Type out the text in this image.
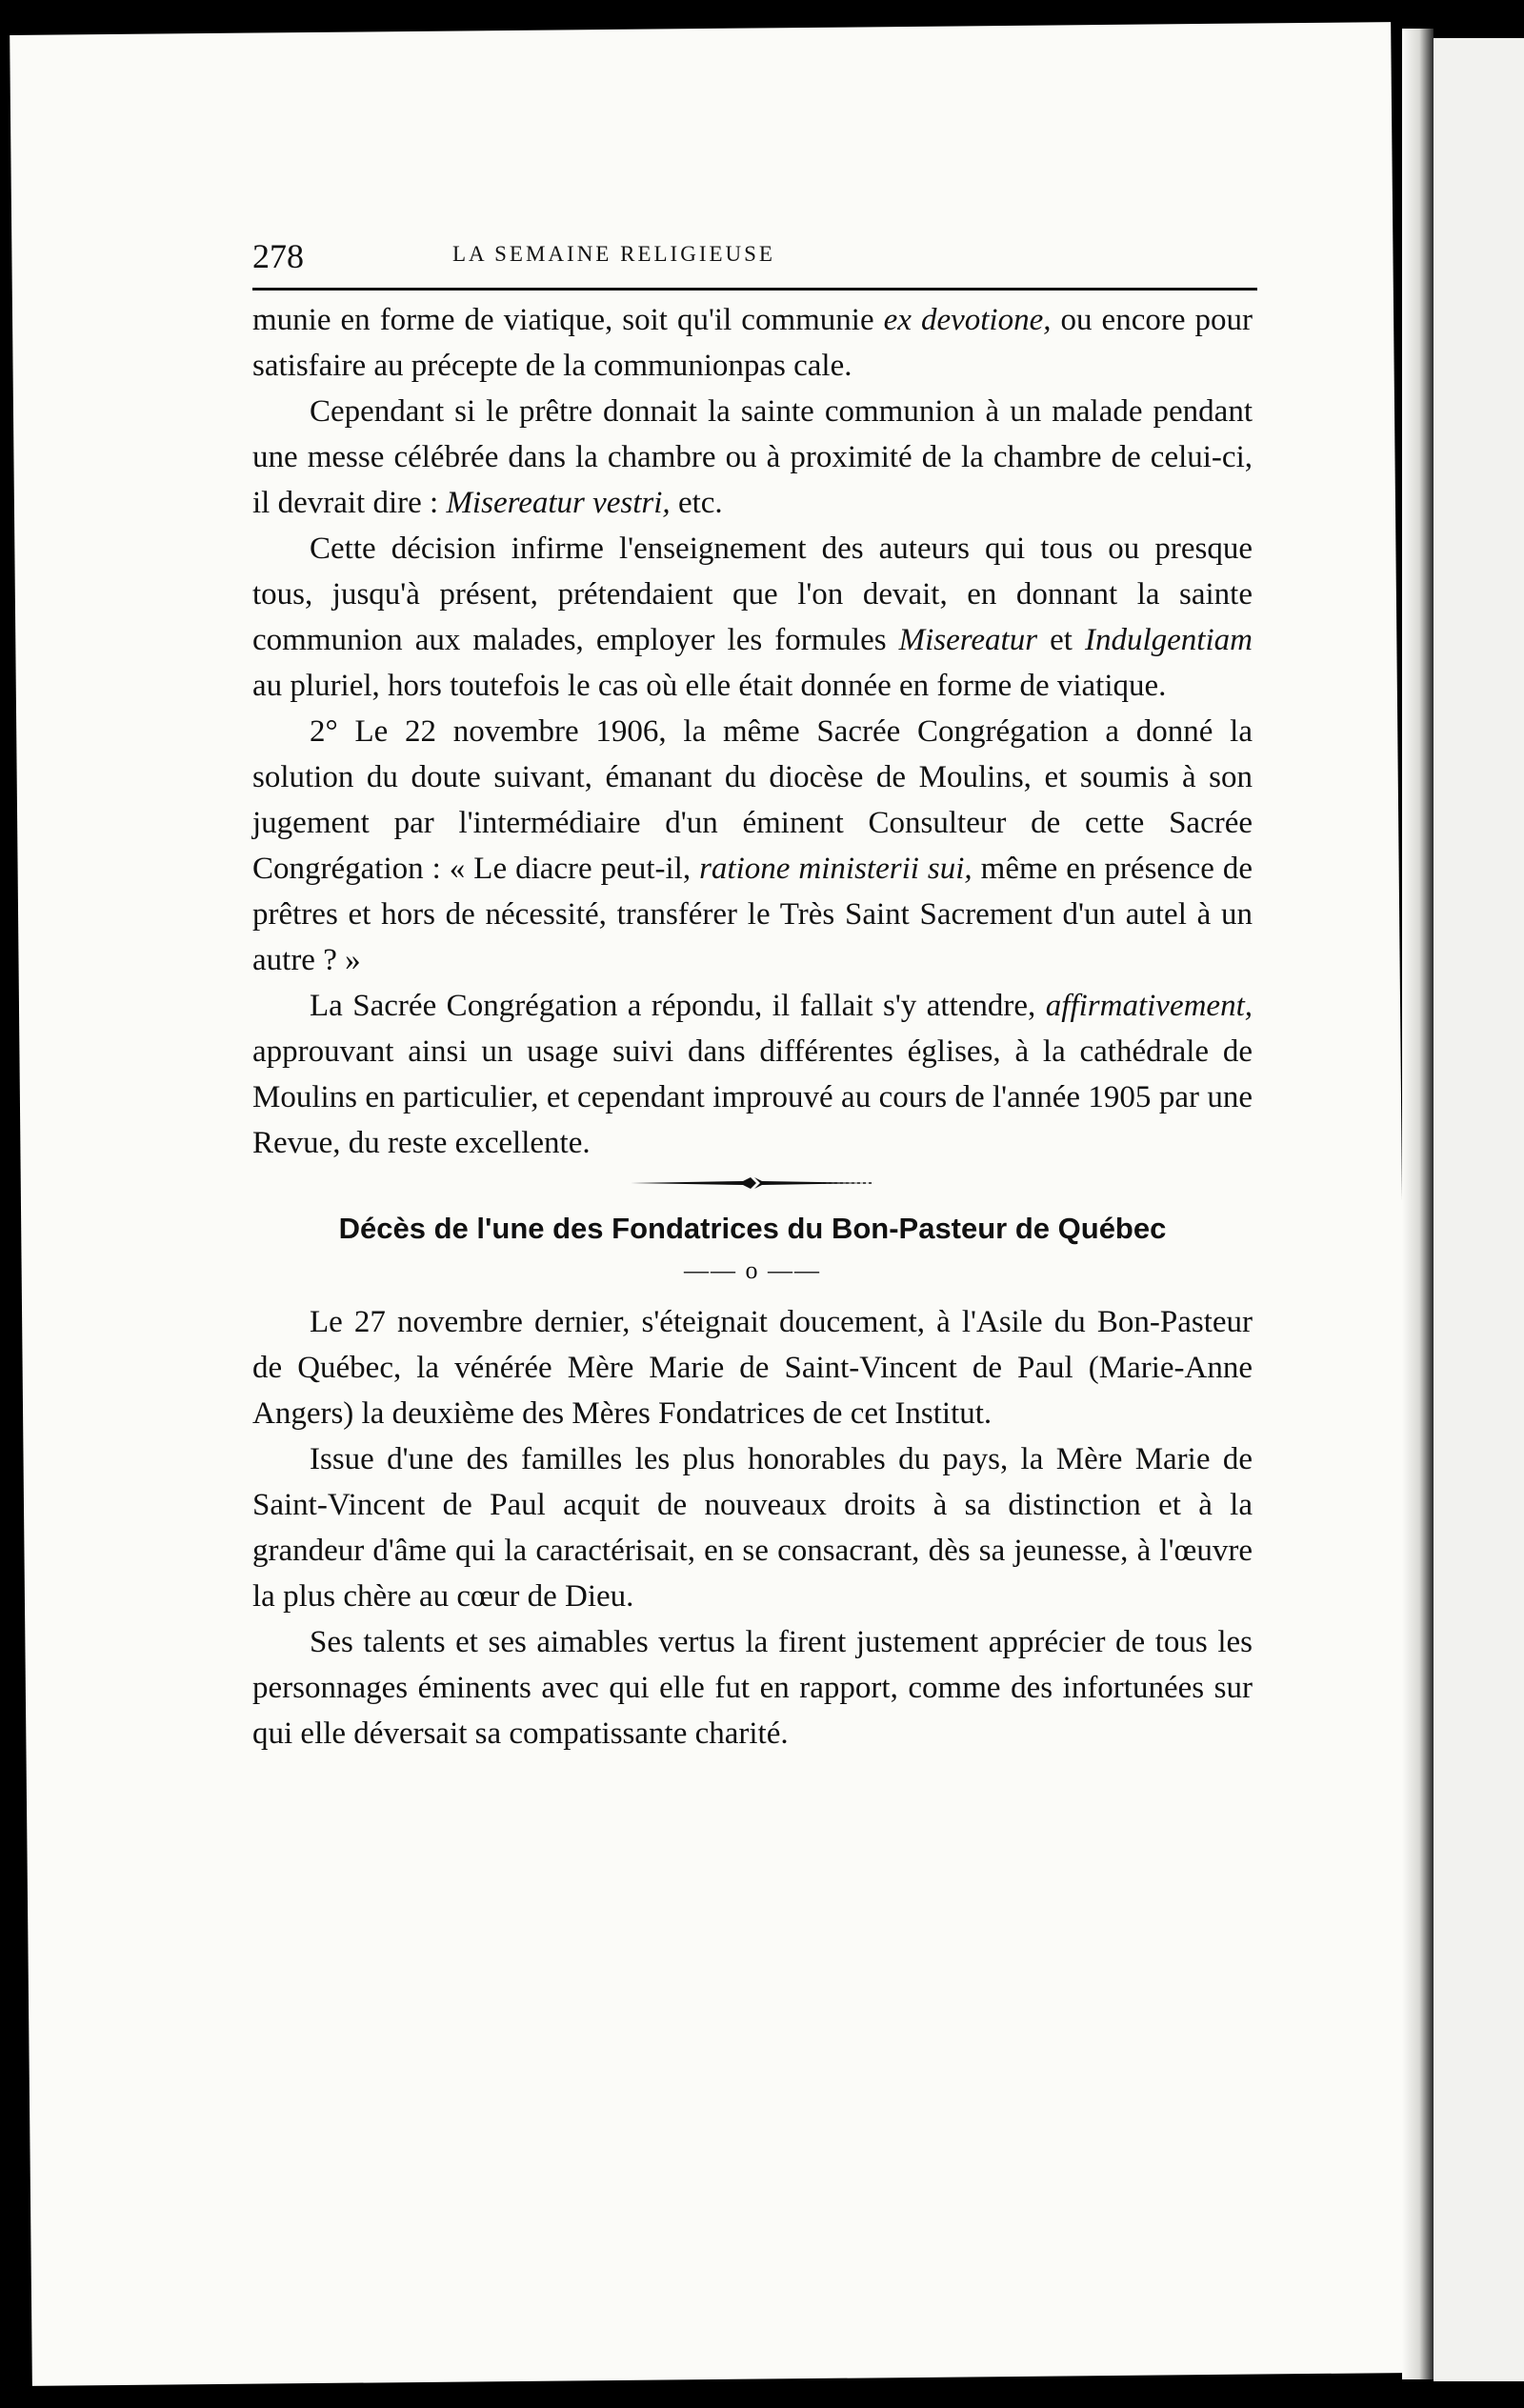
278	LA SEMAINE RELIGIEUSE

munie en forme de viatique, soit qu'il communie ex devotione, ou encore pour satisfaire au précepte de la communionpas cale.

Cependant si le prêtre donnait la sainte communion à un malade pendant une messe célébrée dans la chambre ou à proximité de la chambre de celui-ci, il devrait dire : Misereatur vestri, etc.

Cette décision infirme l'enseignement des auteurs qui tous ou presque tous, jusqu'à présent, prétendaient que l'on devait, en donnant la sainte communion aux malades, employer les formules Misereatur et Indulgentiam au pluriel, hors toutefois le cas où elle était donnée en forme de viatique.

2° Le 22 novembre 1906, la même Sacrée Congrégation a donné la solution du doute suivant, émanant du diocèse de Moulins, et soumis à son jugement par l'intermédiaire d'un éminent Consulteur de cette Sacrée Congrégation : « Le diacre peut-il, ratione ministerii sui, même en présence de prêtres et hors de nécessité, transférer le Très Saint Sacrement d'un autel à un autre ? »

La Sacrée Congrégation a répondu, il fallait s'y attendre, affirmativement, approuvant ainsi un usage suivi dans différentes églises, à la cathédrale de Moulins en particulier, et cependant improuvé au cours de l'année 1905 par une Revue, du reste excellente.

Décès de l'une des Fondatrices du Bon-Pasteur de Québec
—— o ——

Le 27 novembre dernier, s'éteignait doucement, à l'Asile du Bon-Pasteur de Québec, la vénérée Mère Marie de Saint-Vincent de Paul (Marie-Anne Angers) la deuxième des Mères Fondatrices de cet Institut.

Issue d'une des familles les plus honorables du pays, la Mère Marie de Saint-Vincent de Paul acquit de nouveaux droits à sa distinction et à la grandeur d'âme qui la caractérisait, en se consacrant, dès sa jeunesse, à l'œuvre la plus chère au cœur de Dieu.

Ses talents et ses aimables vertus la firent justement apprécier de tous les personnages éminents avec qui elle fut en rapport, comme des infortunées sur qui elle déversait sa compatissante charité.
